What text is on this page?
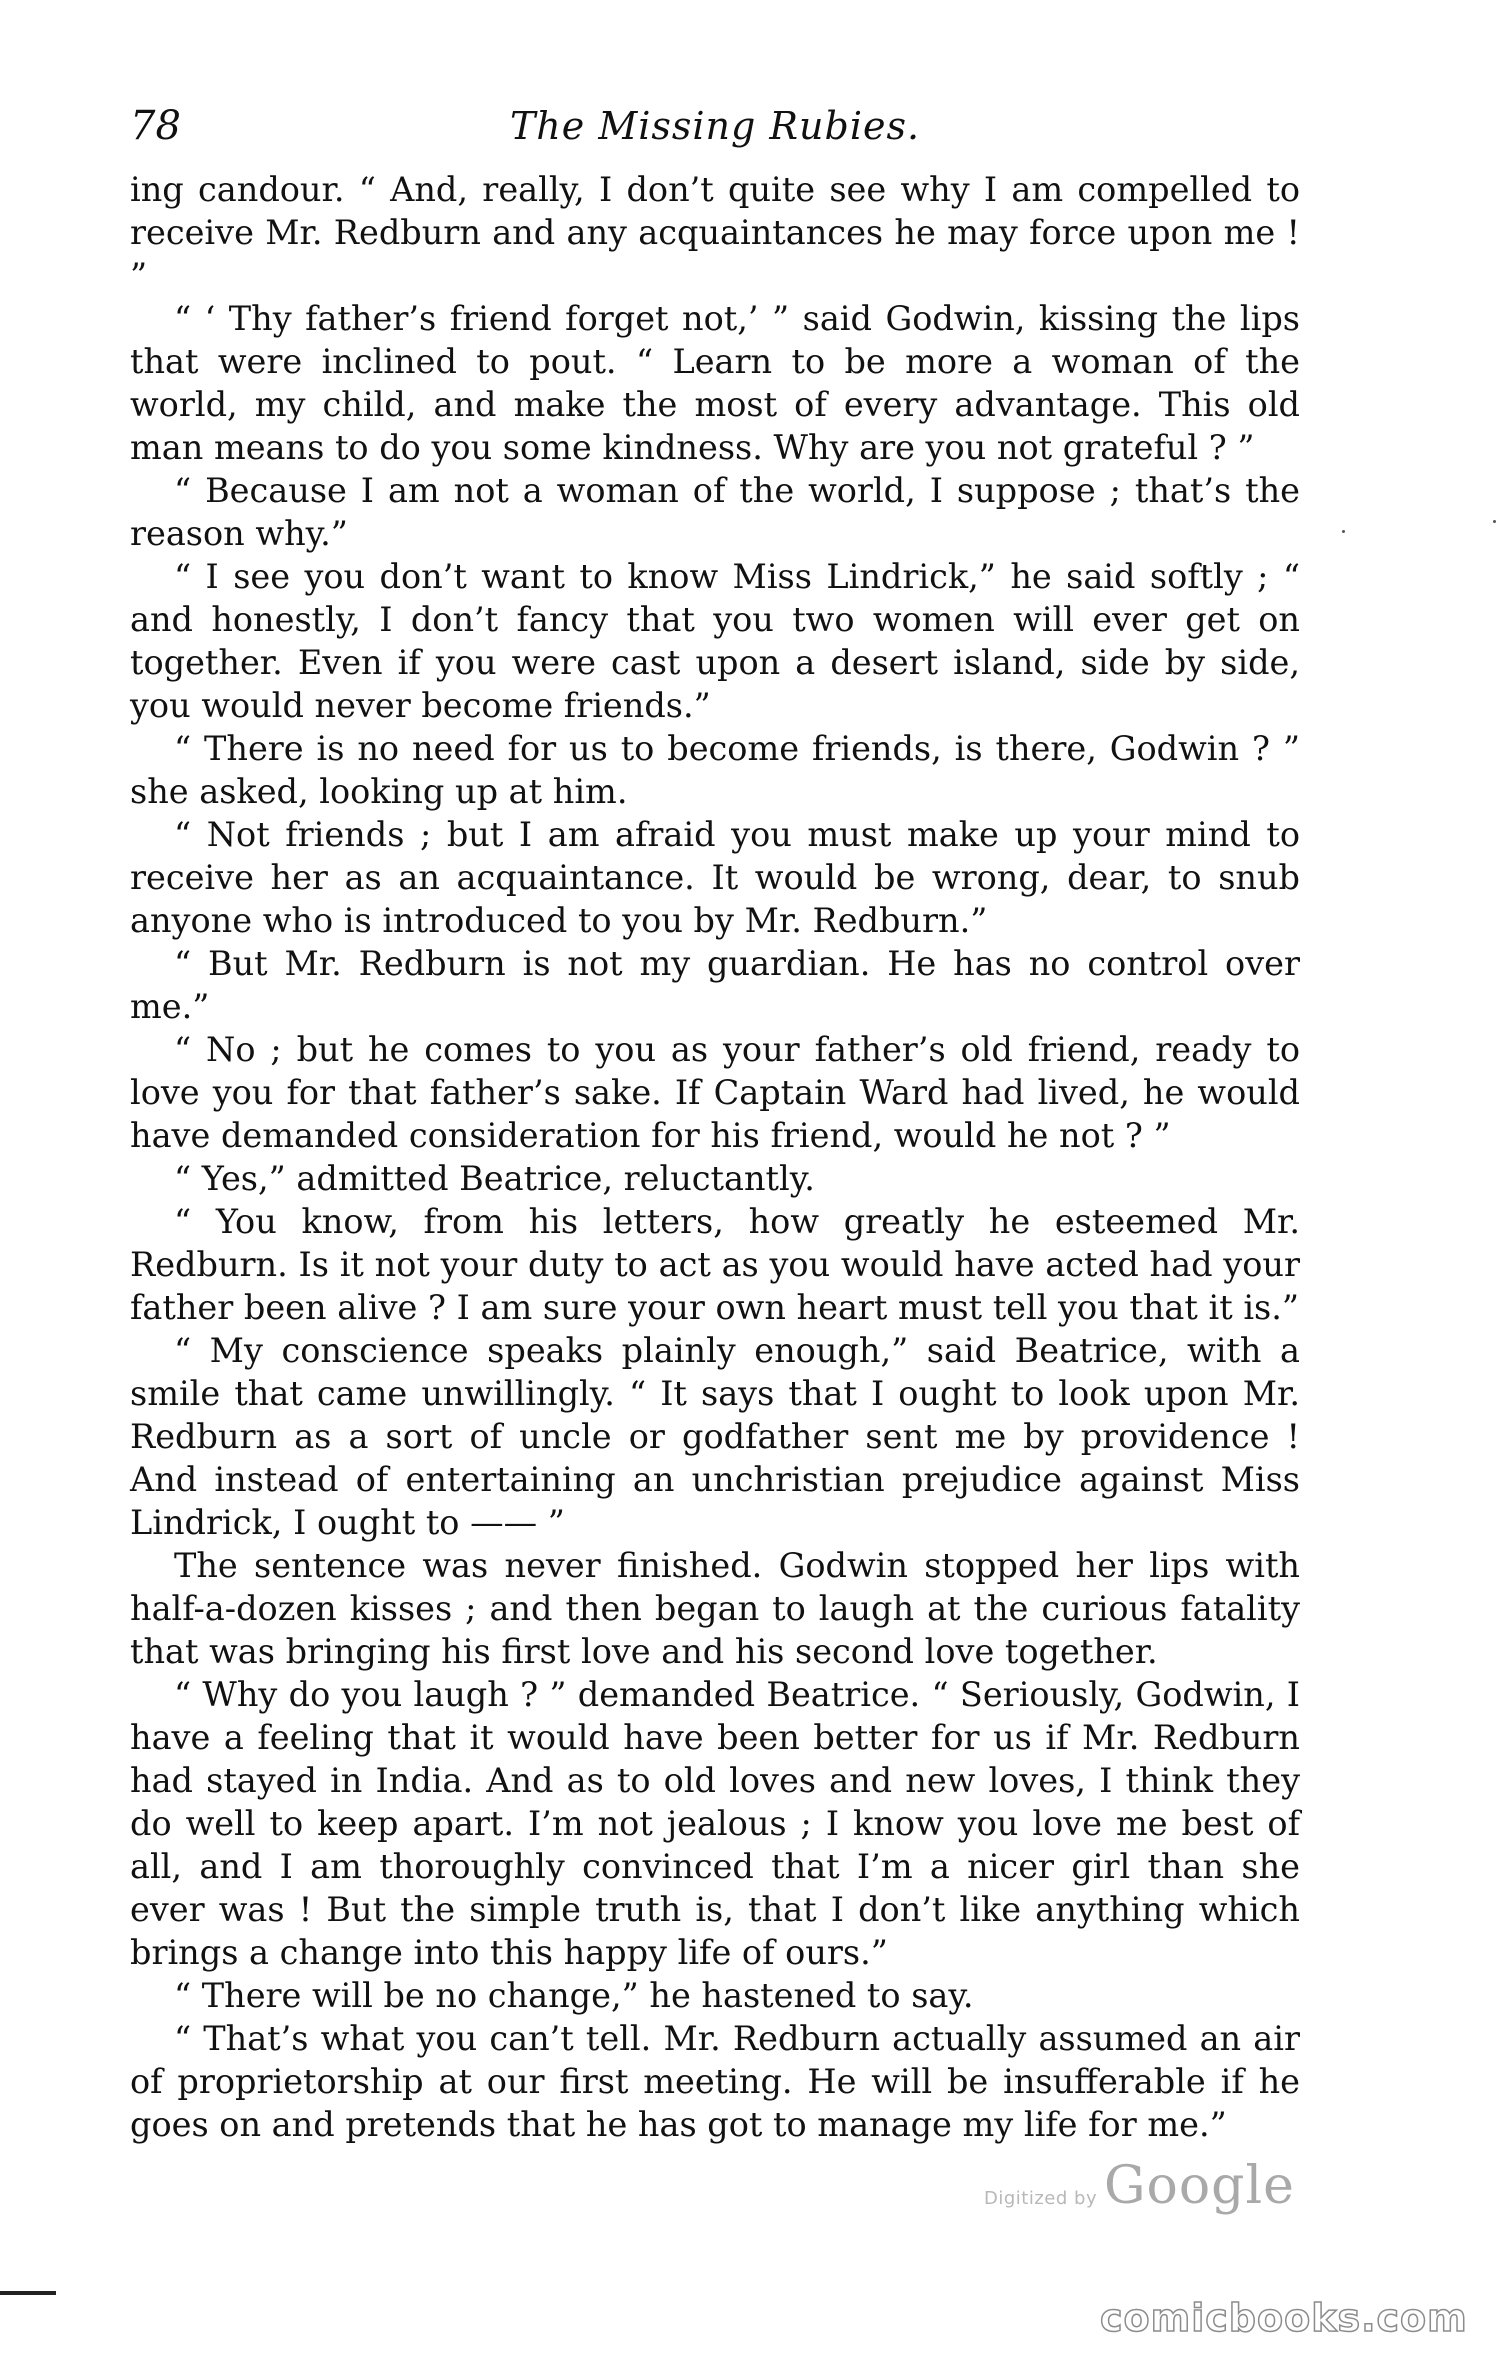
78	The Missing Rubies.

ing candour. “ And, really, I don’t quite see why I am compelled to receive Mr. Redburn and any acquaintances he may force upon me ! ”

“ ‘ Thy father’s friend forget not,’ ” said Godwin, kissing the lips that were inclined to pout. “ Learn to be more a woman of the world, my child, and make the most of every advantage. This old man means to do you some kindness. Why are you not grateful ? ”

“ Because I am not a woman of the world, I suppose ; that’s the reason why.”

“ I see you don’t want to know Miss Lindrick,” he said softly ; “ and honestly, I don’t fancy that you two women will ever get on together. Even if you were cast upon a desert island, side by side, you would never become friends.”

“ There is no need for us to become friends, is there, Godwin ? ” she asked, looking up at him.

“ Not friends ; but I am afraid you must make up your mind to receive her as an acquaintance. It would be wrong, dear, to snub anyone who is introduced to you by Mr. Redburn.”

“ But Mr. Redburn is not my guardian. He has no control over me.”

“ No ; but he comes to you as your father’s old friend, ready to love you for that father’s sake. If Captain Ward had lived, he would have demanded consideration for his friend, would he not ? ”

“ Yes,” admitted Beatrice, reluctantly.

“ You know, from his letters, how greatly he esteemed Mr. Redburn. Is it not your duty to act as you would have acted had your father been alive ? I am sure your own heart must tell you that it is.”

“ My conscience speaks plainly enough,” said Beatrice, with a smile that came unwillingly. “ It says that I ought to look upon Mr. Redburn as a sort of uncle or godfather sent me by providence ! And instead of entertaining an unchristian prejudice against Miss Lindrick, I ought to —— ”

The sentence was never finished. Godwin stopped her lips with half-a-dozen kisses ; and then began to laugh at the curious fatality that was bringing his first love and his second love together.

“ Why do you laugh ? ” demanded Beatrice. “ Seriously, Godwin, I have a feeling that it would have been better for us if Mr. Redburn had stayed in India. And as to old loves and new loves, I think they do well to keep apart. I’m not jealous ; I know you love me best of all, and I am thoroughly convinced that I’m a nicer girl than she ever was ! But the simple truth is, that I don’t like anything which brings a change into this happy life of ours.”

“ There will be no change,” he hastened to say.

“ That’s what you can’t tell. Mr. Redburn actually assumed an air of proprietorship at our first meeting. He will be insufferable if he goes on and pretends that he has got to manage my life for me.”

Digitized by Google
comicbooks.com
